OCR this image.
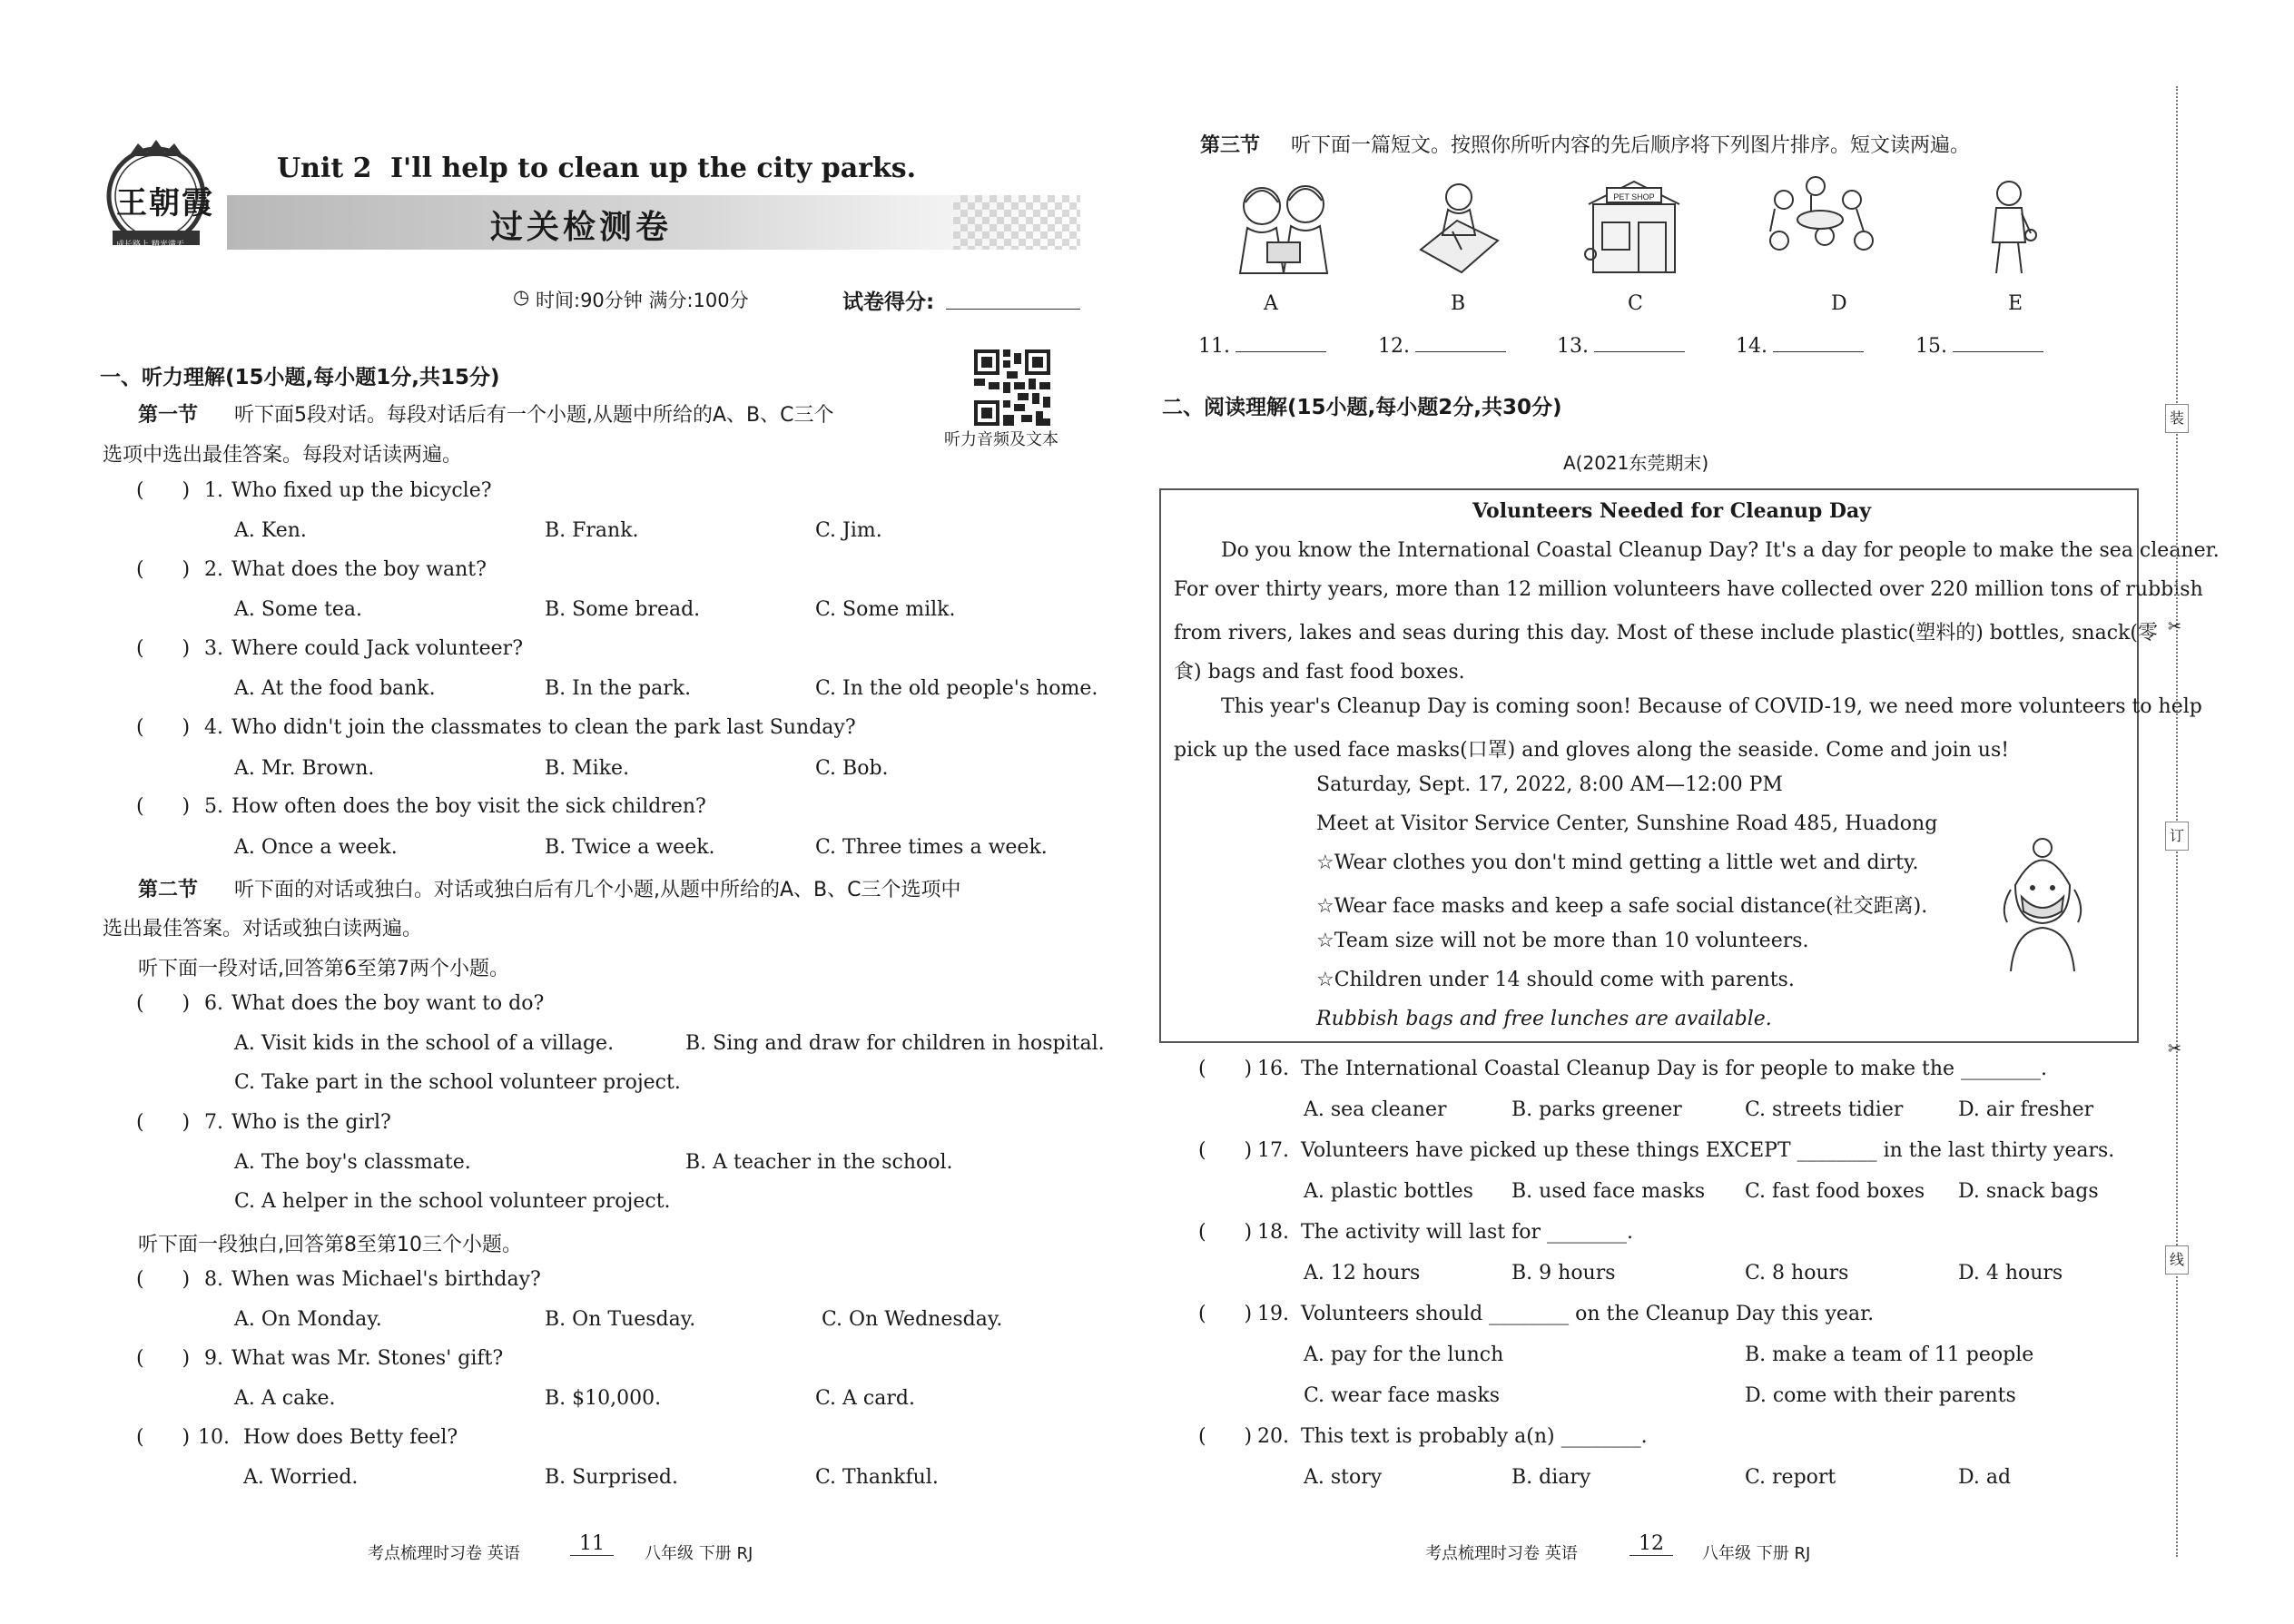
王朝霞
成长路上 精光满天
Unit 2 I'll help to clean up the city parks.
过关检测卷
◷ 时间:90分钟 满分:100分	试卷得分:
一、听力理解(15小题,每小题1分,共15分)
听力音频及文本
第一节 听下面5段对话。每段对话后有一个小题,从题中所给的A、B、C三个
选项中选出最佳答案。每段对话读两遍。
(      ) 1. Who fixed up the bicycle?
A. Ken.	B. Frank.	C. Jim.
(      ) 2. What does the boy want?
A. Some tea.	B. Some bread.	C. Some milk.
(      ) 3. Where could Jack volunteer?
A. At the food bank.	B. In the park.	C. In the old people's home.
(      ) 4. Who didn't join the classmates to clean the park last Sunday?
A. Mr. Brown.	B. Mike.	C. Bob.
(      ) 5. How often does the boy visit the sick children?
A. Once a week.	B. Twice a week.	C. Three times a week.
第二节 听下面的对话或独白。对话或独白后有几个小题,从题中所给的A、B、C三个选项中
选出最佳答案。对话或独白读两遍。
听下面一段对话,回答第6至第7两个小题。
(      ) 6. What does the boy want to do?
A. Visit kids in the school of a village.	B. Sing and draw for children in hospital.
C. Take part in the school volunteer project.
(      ) 7. Who is the girl?
A. The boy's classmate.	B. A teacher in the school.
C. A helper in the school volunteer project.
听下面一段独白,回答第8至第10三个小题。
(      ) 8. When was Michael's birthday?
A. On Monday.	B. On Tuesday.	C. On Wednesday.
(      ) 9. What was Mr. Stones' gift?
A. A cake.	B. $10,000.	C. A card.
(      ) 10. How does Betty feel?
A. Worried.	B. Surprised.	C. Thankful.
考点梳理时习卷 英语	11	八年级 下册 RJ
第三节 听下面一篇短文。按照你所听内容的先后顺序将下列图片排序。短文读两遍。
PET SHOP
A	B	C	D	E
11.	12.	13.	14.	15.
二、阅读理解(15小题,每小题2分,共30分)
A(2021东莞期末)
Volunteers Needed for Cleanup Day
Do you know the International Coastal Cleanup Day? It's a day for people to make the sea cleaner.
For over thirty years, more than 12 million volunteers have collected over 220 million tons of rubbish
from rivers, lakes and seas during this day. Most of these include plastic(塑料的) bottles, snack(零
食) bags and fast food boxes.
This year's Cleanup Day is coming soon! Because of COVID-19, we need more volunteers to help
pick up the used face masks(口罩) and gloves along the seaside. Come and join us!
Saturday, Sept. 17, 2022, 8:00 AM—12:00 PM
Meet at Visitor Service Center, Sunshine Road 485, Huadong
☆Wear clothes you don't mind getting a little wet and dirty.
☆Wear face masks and keep a safe social distance(社交距离).
☆Team size will not be more than 10 volunteers.
☆Children under 14 should come with parents.
Rubbish bags and free lunches are available.
(      ) 16. The International Coastal Cleanup Day is for people to make the ________.
A. sea cleaner	B. parks greener	C. streets tidier	D. air fresher
(      ) 17. Volunteers have picked up these things EXCEPT ________ in the last thirty years.
A. plastic bottles B. used face masks C. fast food boxes D. snack bags
(      ) 18. The activity will last for ________.
A. 12 hours	B. 9 hours	C. 8 hours	D. 4 hours
(      ) 19. Volunteers should ________ on the Cleanup Day this year.
A. pay for the lunch	B. make a team of 11 people
C. wear face masks	D. come with their parents
(      ) 20. This text is probably a(n) ________.
A. story	B. diary	C. report	D. ad
考点梳理时习卷 英语	12	八年级 下册 RJ
装
订
线
✂
✂
